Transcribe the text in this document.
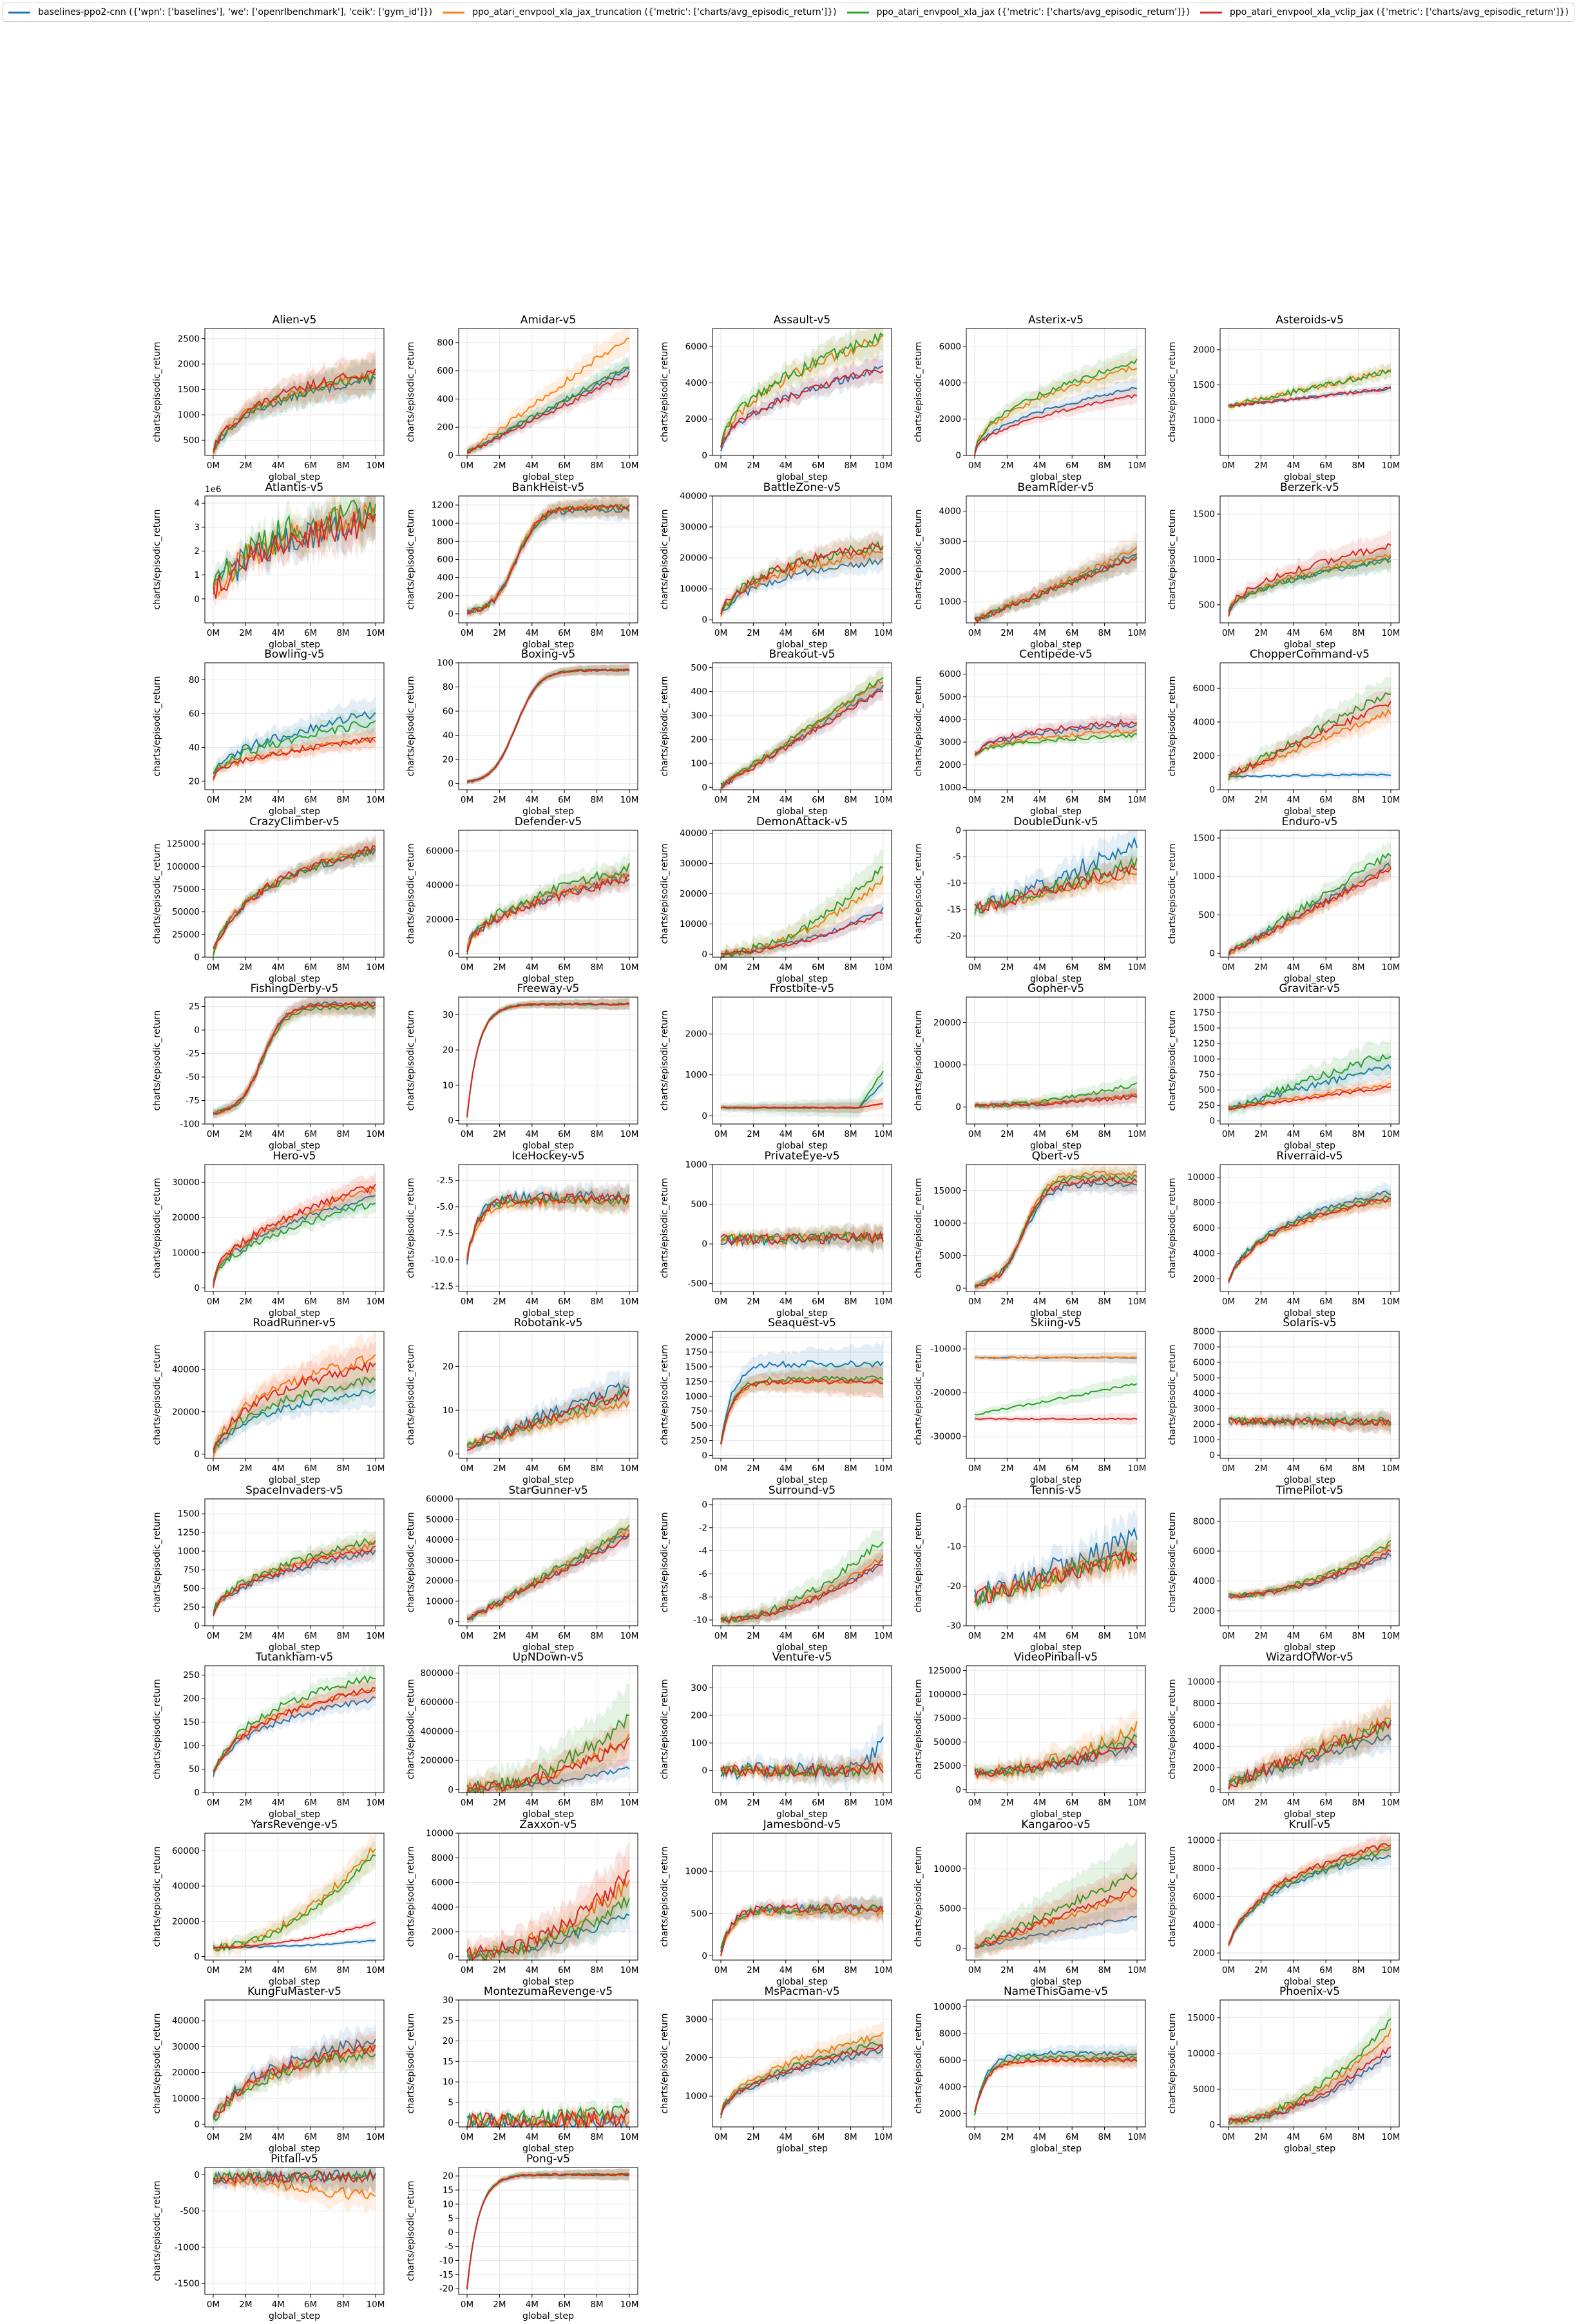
baselines-ppo2-cnn ({'wpn': ['baselines'], 'we': ['openrlbenchmark'], 'ceik': ['gym_id']})	ppo_atari_envpool_xla_jax_truncation ({'metric': ['charts/avg_episodic_return']})	ppo_atari_envpool_xla_jax ({'metric': ['charts/avg_episodic_return']})	ppo_atari_envpool_xla_vclip_jax ({'metric': ['charts/avg_episodic_return']})
500
1000
1500
2000
2500
0M 2M 4M 6M 8M 10M
Alien-v5
global_step
charts/episodic_return
0
200
400
600
800
0M 2M 4M 6M 8M 10M
Amidar-v5
global_step
charts/episodic_return
0
2000
4000
6000
0M 2M 4M 6M 8M 10M
Assault-v5
global_step
charts/episodic_return
0
2000
4000
6000
0M 2M 4M 6M 8M 10M
Asterix-v5
global_step
charts/episodic_return	1000
1500
2000
0M 2M 4M 6M 8M 10M
Asteroids-v5
global_step
charts/episodic_return
0
1
2
3
4
0M 2M 4M 6M 8M 10M
Atlantis-v5
1e6
global_step
charts/episodic_return
0
200
400
600
800
1000
1200
0M 2M 4M 6M 8M 10M
BankHeist-v5
global_step
charts/episodic_return
0
10000
20000
30000
40000
0M 2M 4M 6M 8M 10M
BattleZone-v5
global_step
charts/episodic_return	1000
2000
3000
4000
0M 2M 4M 6M 8M 10M
BeamRider-v5
global_step
charts/episodic_return	500
1000
1500
0M 2M 4M 6M 8M 10M
Berzerk-v5
global_step
charts/episodic_return
20
40
60
80
0M 2M 4M 6M 8M 10M
Bowling-v5
global_step
charts/episodic_return
0
20
40
60
80
100
0M 2M 4M 6M 8M 10M
Boxing-v5
global_step
charts/episodic_return
0
100
200
300
400
500
0M 2M 4M 6M 8M 10M
Breakout-v5
global_step
charts/episodic_return
1000
2000
3000
4000
5000
6000
0M 2M 4M 6M 8M 10M
Centipede-v5
global_step
charts/episodic_return
0
2000
4000
6000
0M 2M 4M 6M 8M 10M
ChopperCommand-v5
global_step
charts/episodic_return
0
25000
50000
75000
100000
125000
0M 2M 4M 6M 8M 10M
CrazyClimber-v5
global_step
charts/episodic_return
0
20000
40000
60000
0M 2M 4M 6M 8M 10M
Defender-v5
global_step
charts/episodic_return
0
10000
20000
30000
40000
0M 2M 4M 6M 8M 10M
DemonAttack-v5
global_step
charts/episodic_return	-20
-15
-10
-5
0
0M 2M 4M 6M 8M 10M
DoubleDunk-v5
global_step
charts/episodic_return
0
500
1000
1500
0M 2M 4M 6M 8M 10M
Enduro-v5
global_step
charts/episodic_return
-100
-75
-50
-25
0
25
0M 2M 4M 6M 8M 10M
FishingDerby-v5
global_step
charts/episodic_return
0
10
20
30
0M 2M 4M 6M 8M 10M
Freeway-v5
global_step
charts/episodic_return
0
1000
2000
0M 2M 4M 6M 8M 10M
Frostbite-v5
global_step
charts/episodic_return	0
10000
20000
0M 2M 4M 6M 8M 10M
Gopher-v5
global_step
charts/episodic_return
0
250
500
750
1000
1250
1500
1750
2000
0M 2M 4M 6M 8M 10M
Gravitar-v5
global_step
charts/episodic_return
0
10000
20000
30000
0M 2M 4M 6M 8M 10M
Hero-v5
global_step
charts/episodic_return
-12.5
-10.0
-7.5
-5.0
-2.5
0M 2M 4M 6M 8M 10M
IceHockey-v5
global_step
charts/episodic_return
-500
0
500
1000
0M 2M 4M 6M 8M 10M
PrivateEye-v5
global_step
charts/episodic_return
0
5000
10000
15000
0M 2M 4M 6M 8M 10M
Qbert-v5
global_step
charts/episodic_return
2000
4000
6000
8000
10000
0M 2M 4M 6M 8M 10M
Riverraid-v5
global_step
charts/episodic_return
0
20000
40000
0M 2M 4M 6M 8M 10M
RoadRunner-v5
global_step
charts/episodic_return
0
10
20
0M 2M 4M 6M 8M 10M
Robotank-v5
global_step
charts/episodic_return
0
250
500
750
1000
1250
1500
1750
2000
0M 2M 4M 6M 8M 10M
Seaquest-v5
global_step
charts/episodic_return	-30000
-20000
-10000
0M 2M 4M 6M 8M 10M
Skiing-v5
global_step
charts/episodic_return
0
1000
2000
3000
4000
5000
6000
7000
8000
0M 2M 4M 6M 8M 10M
Solaris-v5
global_step
charts/episodic_return
0
250
500
750
1000
1250
1500
0M 2M 4M 6M 8M 10M
SpaceInvaders-v5
global_step
charts/episodic_return
0
10000
20000
30000
40000
50000
60000
0M 2M 4M 6M 8M 10M
StarGunner-v5
global_step
charts/episodic_return
-10
-8
-6
-4
-2
0
0M 2M 4M 6M 8M 10M
Surround-v5
global_step
charts/episodic_return
-30
-20
-10
0
0M 2M 4M 6M 8M 10M
Tennis-v5
global_step
charts/episodic_return	2000
4000
6000
8000
0M 2M 4M 6M 8M 10M
TimePilot-v5
global_step
charts/episodic_return
0
50
100
150
200
250
0M 2M 4M 6M 8M 10M
Tutankham-v5
global_step
charts/episodic_return
0
200000
400000
600000
800000
0M 2M 4M 6M 8M 10M
UpNDown-v5
global_step
charts/episodic_return	0
100
200
300
0M 2M 4M 6M 8M 10M
Venture-v5
global_step
charts/episodic_return
0
25000
50000
75000
100000
125000
0M 2M 4M 6M 8M 10M
VideoPinball-v5
global_step
charts/episodic_return
0
2000
4000
6000
8000
10000
0M 2M 4M 6M 8M 10M
WizardOfWor-v5
global_step
charts/episodic_return
0
20000
40000
60000
0M 2M 4M 6M 8M 10M
YarsRevenge-v5
global_step
charts/episodic_return
0
2000
4000
6000
8000
10000
0M 2M 4M 6M 8M 10M
Zaxxon-v5
global_step
charts/episodic_return
0
500
1000
0M 2M 4M 6M 8M 10M
Jamesbond-v5
global_step
charts/episodic_return
0
5000
10000
0M 2M 4M 6M 8M 10M
Kangaroo-v5
global_step
charts/episodic_return
2000
4000
6000
8000
10000
0M 2M 4M 6M 8M 10M
Krull-v5
global_step
charts/episodic_return
0
10000
20000
30000
40000
0M 2M 4M 6M 8M 10M
KungFuMaster-v5
global_step
charts/episodic_return
0
5
10
15
20
25
30
0M 2M 4M 6M 8M 10M
MontezumaRevenge-v5
global_step
charts/episodic_return	1000
2000
3000
0M 2M 4M 6M 8M 10M
MsPacman-v5
global_step
charts/episodic_return
2000
4000
6000
8000
10000
0M 2M 4M 6M 8M 10M
NameThisGame-v5
global_step
charts/episodic_return
0
5000
10000
15000
0M 2M 4M 6M 8M 10M
Phoenix-v5
global_step
charts/episodic_return
-1500
-1000
-500
0
0M 2M 4M 6M 8M 10M
Pitfall-v5
global_step
charts/episodic_return
-20
-15
-10
-5
0
5
10
15
20
0M 2M 4M 6M 8M 10M
Pong-v5
global_step
charts/episodic_return
